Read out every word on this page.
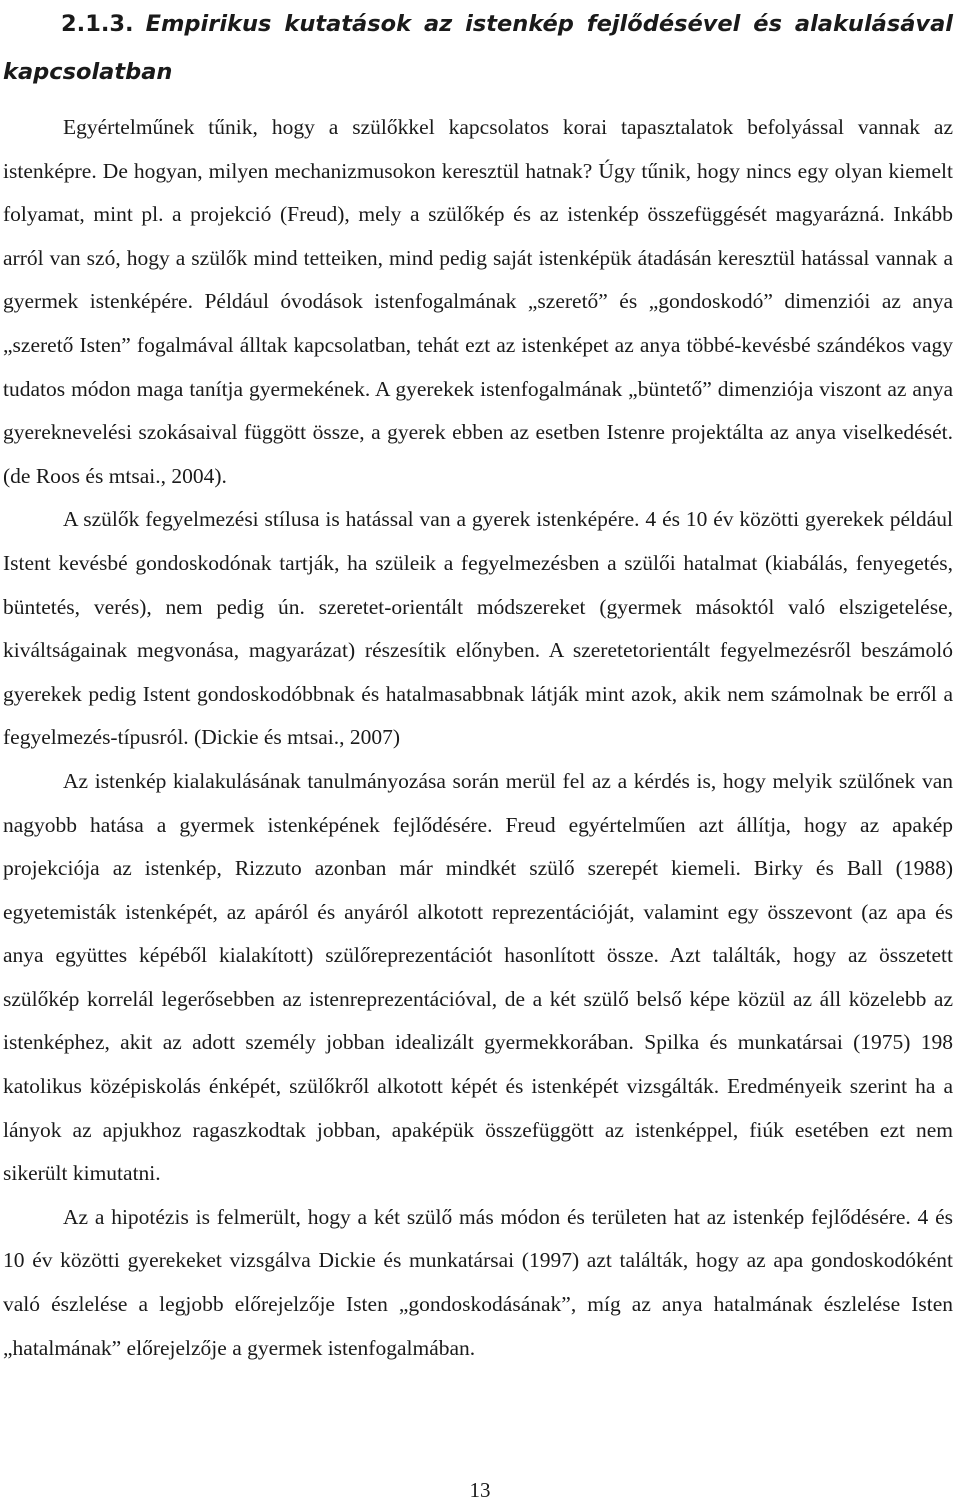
2.1.3. Empirikus kutatások az istenkép fejlődésével és alakulásával kapcsolatban

Egyértelműnek tűnik, hogy a szülőkkel kapcsolatos korai tapasztalatok befolyással vannak az istenképre. De hogyan, milyen mechanizmusokon keresztül hatnak? Úgy tűnik, hogy nincs egy olyan kiemelt folyamat, mint pl. a projekció (Freud), mely a szülőkép és az istenkép összefüggését magyarázná. Inkább arról van szó, hogy a szülők mind tetteiken, mind pedig saját istenképük átadásán keresztül hatással vannak a gyermek istenképére. Például óvodások istenfogalmának „szerető” és „gondoskodó” dimenziói az anya „szerető Isten” fogalmával álltak kapcsolatban, tehát ezt az istenképet az anya többé-kevésbé szándékos vagy tudatos módon maga tanítja gyermekének. A gyerekek istenfogalmának „büntető” dimenziója viszont az anya gyereknevelési szokásaival függött össze, a gyerek ebben az esetben Istenre projektálta az anya viselkedését. (de Roos és mtsai., 2004).

A szülők fegyelmezési stílusa is hatással van a gyerek istenképére. 4 és 10 év közötti gyerekek például Istent kevésbé gondoskodónak tartják, ha szüleik a fegyelmezésben a szülői hatalmat (kiabálás, fenyegetés, büntetés, verés), nem pedig ún. szeretet-orientált módszereket (gyermek másoktól való elszigetelése, kiváltságainak megvonása, magyarázat) részesítik előnyben. A szeretetorientált fegyelmezésről beszámoló gyerekek pedig Istent gondoskodóbbnak és hatalmasabbnak látják mint azok, akik nem számolnak be erről a fegyelmezés-típusról. (Dickie és mtsai., 2007)

Az istenkép kialakulásának tanulmányozása során merül fel az a kérdés is, hogy melyik szülőnek van nagyobb hatása a gyermek istenképének fejlődésére. Freud egyértelműen azt állítja, hogy az apakép projekciója az istenkép, Rizzuto azonban már mindkét szülő szerepét kiemeli. Birky és Ball (1988) egyetemisták istenképét, az apáról és anyáról alkotott reprezentációját, valamint egy összevont (az apa és anya együttes képéből kialakított) szülőreprezentációt hasonlított össze. Azt találták, hogy az összetett szülőkép korrelál legerősebben az istenreprezentációval, de a két szülő belső képe közül az áll közelebb az istenképhez, akit az adott személy jobban idealizált gyermekkorában. Spilka és munkatársai (1975) 198 katolikus középiskolás énképét, szülőkről alkotott képét és istenképét vizsgálták. Eredményeik szerint ha a lányok az apjukhoz ragaszkodtak jobban, apaképük összefüggött az istenképpel, fiúk esetében ezt nem sikerült kimutatni.

Az a hipotézis is felmerült, hogy a két szülő más módon és területen hat az istenkép fejlődésére. 4 és 10 év közötti gyerekeket vizsgálva Dickie és munkatársai (1997) azt találták, hogy az apa gondoskodóként való észlelése a legjobb előrejelzője Isten „gondoskodásának”, míg az anya hatalmának észlelése Isten „hatalmának” előrejelzője a gyermek istenfogalmában.

13
